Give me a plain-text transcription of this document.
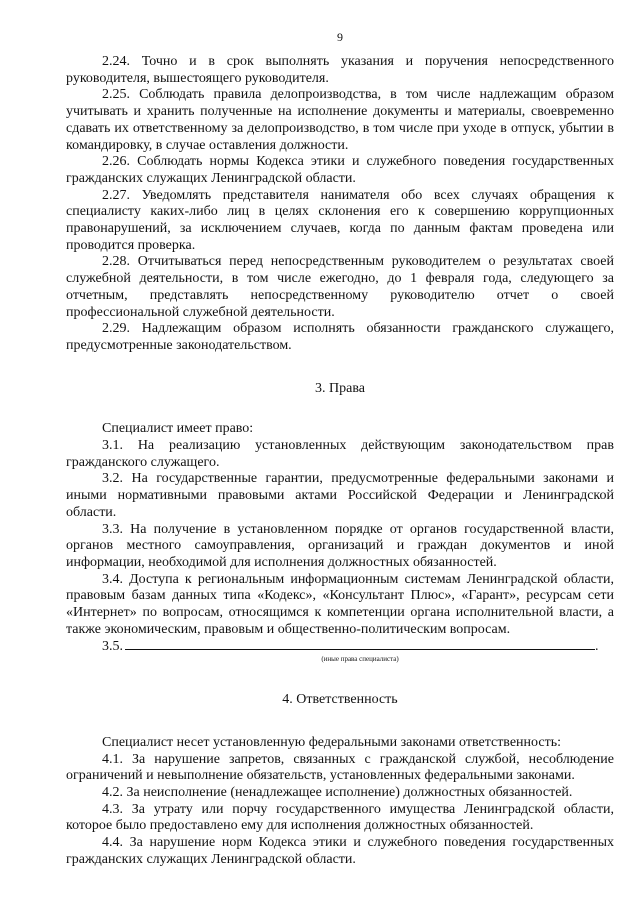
9

2.24. Точно и в срок выполнять указания и поручения непосредственного руководителя, вышестоящего руководителя.

2.25. Соблюдать правила делопроизводства, в том числе надлежащим образом учитывать и хранить полученные на исполнение документы и материалы, своевременно сдавать их ответственному за делопроизводство, в том числе при уходе в отпуск, убытии в командировку, в случае оставления должности.

2.26. Соблюдать нормы Кодекса этики и служебного поведения государственных гражданских служащих Ленинградской области.

2.27. Уведомлять представителя нанимателя обо всех случаях обращения к специалисту каких-либо лиц в целях склонения его к совершению коррупционных правонарушений, за исключением случаев, когда по данным фактам проведена или проводится проверка.

2.28. Отчитываться перед непосредственным руководителем о результатах своей служебной деятельности, в том числе ежегодно, до 1 февраля года, следующего за отчетным, представлять непосредственному руководителю отчет о своей профессиональной служебной деятельности.

2.29. Надлежащим образом исполнять обязанности гражданского служащего, предусмотренные законодательством.

3. Права

Специалист имеет право:

3.1. На реализацию установленных действующим законодательством прав гражданского служащего.

3.2. На государственные гарантии, предусмотренные федеральными законами и иными нормативными правовыми актами Российской Федерации и Ленинградской области.

3.3. На получение в установленном порядке от органов государственной власти, органов местного самоуправления, организаций и граждан документов и иной информации, необходимой для исполнения должностных обязанностей.

3.4. Доступа к региональным информационным системам Ленинградской области, правовым базам данных типа «Кодекс», «Консультант Плюс», «Гарант», ресурсам сети «Интернет» по вопросам, относящимся к компетенции органа исполнительной власти, а также экономическим, правовым и общественно-политическим вопросам.

3.5.	.

(иные права специалиста)
4. Ответственность

Специалист несет установленную федеральными законами ответственность:

4.1. За нарушение запретов, связанных с гражданской службой, несоблюдение ограничений и невыполнение обязательств, установленных федеральными законами.

4.2. За неисполнение (ненадлежащее исполнение) должностных обязанностей.

4.3. За утрату или порчу государственного имущества Ленинградской области, которое было предоставлено ему для исполнения должностных обязанностей.

4.4. За нарушение норм Кодекса этики и служебного поведения государственных гражданских служащих Ленинградской области.
